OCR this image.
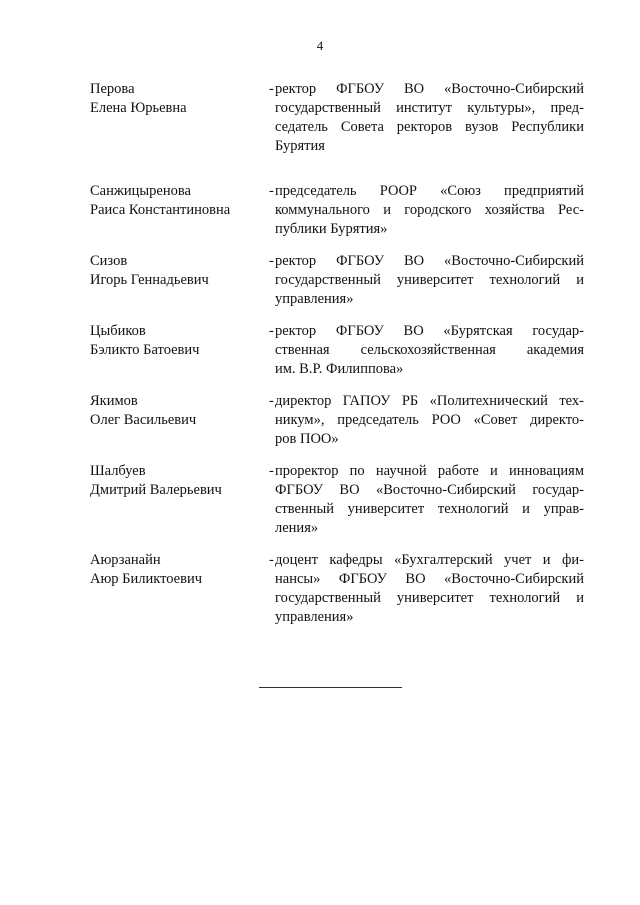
4
Перова
Елена Юрьевна
- ректор ФГБОУ ВО «Восточно-Сибирский
государственный институт культуры», пред-
седатель Совета ректоров вузов Республики
Бурятия
Санжицыренова
Раиса Константиновна
- председатель РООР «Союз предприятий
коммунального и городского хозяйства Рес-
публики Бурятия»
Сизов
Игорь Геннадьевич
- ректор ФГБОУ ВО «Восточно-Сибирский
государственный университет технологий и
управления»
Цыбиков
Бэликто Батоевич
- ректор ФГБОУ ВО «Бурятская государ-
ственная сельскохозяйственная академия
им. В.Р. Филиппова»
Якимов
Олег Васильевич
- директор ГАПОУ РБ «Политехнический тех-
никум», председатель РОО «Совет директо-
ров ПОО»
Шалбуев
Дмитрий Валерьевич
- проректор по научной работе и инновациям
ФГБОУ ВО «Восточно-Сибирский государ-
ственный университет технологий и управ-
ления»
Аюрзанайн
Аюр Биликтоевич
- доцент кафедры «Бухгалтерский учет и фи-
нансы» ФГБОУ ВО «Восточно-Сибирский
государственный университет технологий и
управления»
